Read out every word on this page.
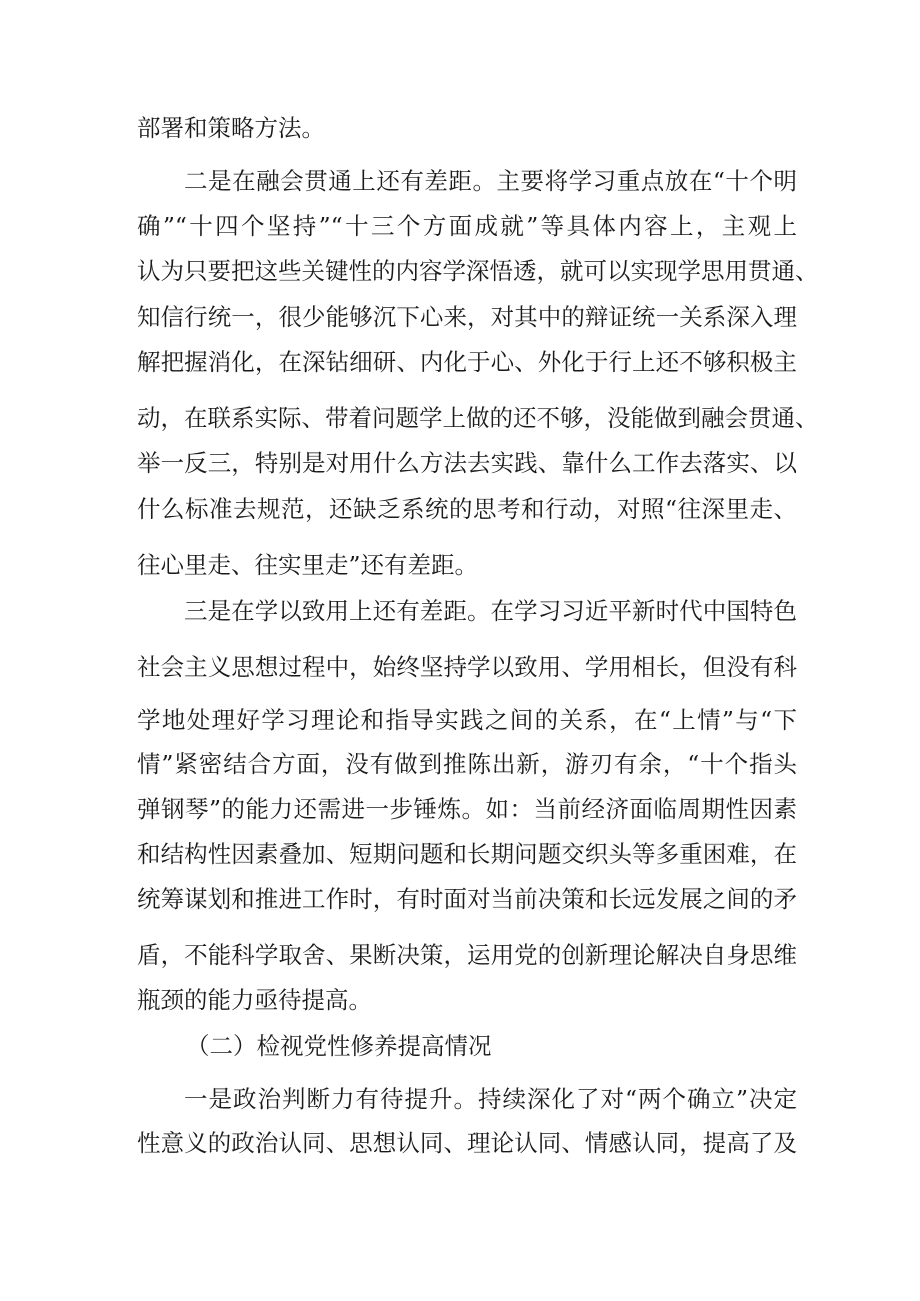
部署和策略方法。
二是在融会贯通上还有差距。主要将学习重点放在“十个明
确”“十四个坚持”“十三个方面成就”等具体内容上，主观上
认为只要把这些关键性的内容学深悟透，就可以实现学思用贯通、
知信行统一，很少能够沉下心来，对其中的辩证统一关系深入理
解把握消化，在深钻细研、内化于心、外化于行上还不够积极主
动，在联系实际、带着问题学上做的还不够，没能做到融会贯通、
举一反三，特别是对用什么方法去实践、靠什么工作去落实、以
什么标准去规范，还缺乏系统的思考和行动，对照“往深里走、
往心里走、往实里走”还有差距。
三是在学以致用上还有差距。在学习习近平新时代中国特色
社会主义思想过程中，始终坚持学以致用、学用相长，但没有科
学地处理好学习理论和指导实践之间的关系，在“上情”与“下
情”紧密结合方面，没有做到推陈出新，游刃有余，“十个指头
弹钢琴”的能力还需进一步锤炼。如：当前经济面临周期性因素
和结构性因素叠加、短期问题和长期问题交织头等多重困难，在
统筹谋划和推进工作时，有时面对当前决策和长远发展之间的矛
盾，不能科学取舍、果断决策，运用党的创新理论解决自身思维
瓶颈的能力亟待提高。
（二）检视党性修养提高情况
一是政治判断力有待提升。持续深化了对“两个确立”决定
性意义的政治认同、思想认同、理论认同、情感认同，提高了及
